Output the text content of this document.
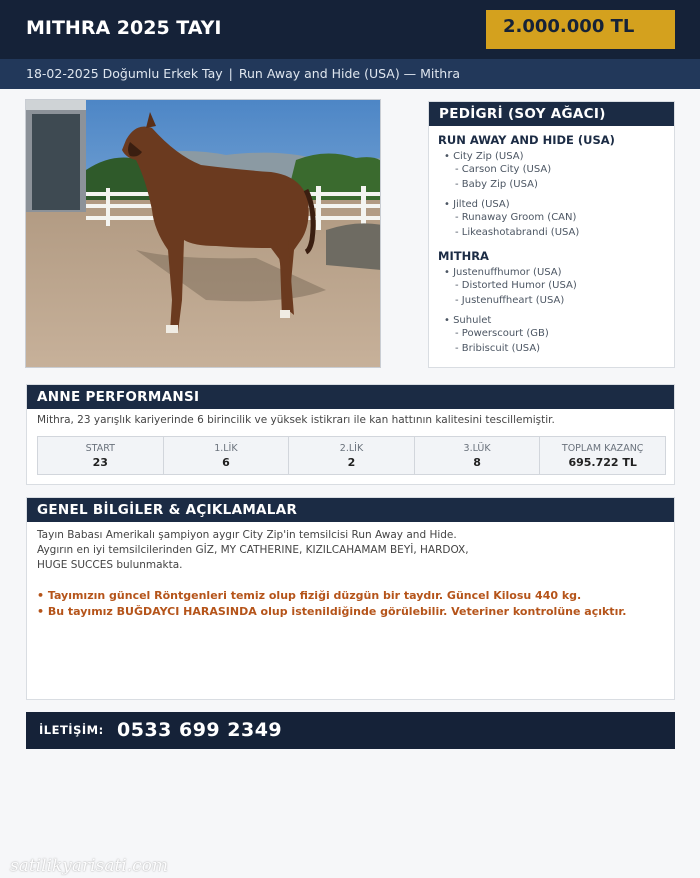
MITHRA 2025 TAYI	2.000.000 TL
18-02-2025 Doğumlu Erkek Tay | Run Away and Hide (USA) — Mithra
PEDİGRİ (SOY AĞACI)
RUN AWAY AND HIDE (USA)
• City Zip (USA)
- Carson City (USA)
- Baby Zip (USA)
• Jilted (USA)
- Runaway Groom (CAN)
- Likeashotabrandi (USA)
MITHRA
• Justenuffhumor (USA)
- Distorted Humor (USA)
- Justenuffheart (USA)
• Suhulet
- Powerscourt (GB)
- Bribiscuit (USA)
ANNE PERFORMANSI
Mithra, 23 yarışlık kariyerinde 6 birincilik ve yüksek istikrarı ile kan hattının kalitesini tescillemiştir.
START
23
1.LİK
6
2.LİK
2
3.LÜK
8
TOPLAM KAZANÇ
695.722 TL
GENEL BİLGİLER & AÇIKLAMALAR
Tayın Babası Amerikalı şampiyon aygır City Zip'in temsilcisi Run Away and Hide.
Aygırın en iyi temsilcilerinden GİZ, MY CATHERINE, KIZILCAHAMAM BEYİ, HARDOX,
HUGE SUCCES bulunmakta.
• Tayımızın güncel Röntgenleri temiz olup fiziği düzgün bir taydır. Güncel Kilosu 440 kg.
• Bu tayımız BUĞDAYCI HARASINDA olup istenildiğinde görülebilir. Veteriner kontrolüne açıktır.
İLETİŞİM: 0533 699 2349
satilikyarisati.com
